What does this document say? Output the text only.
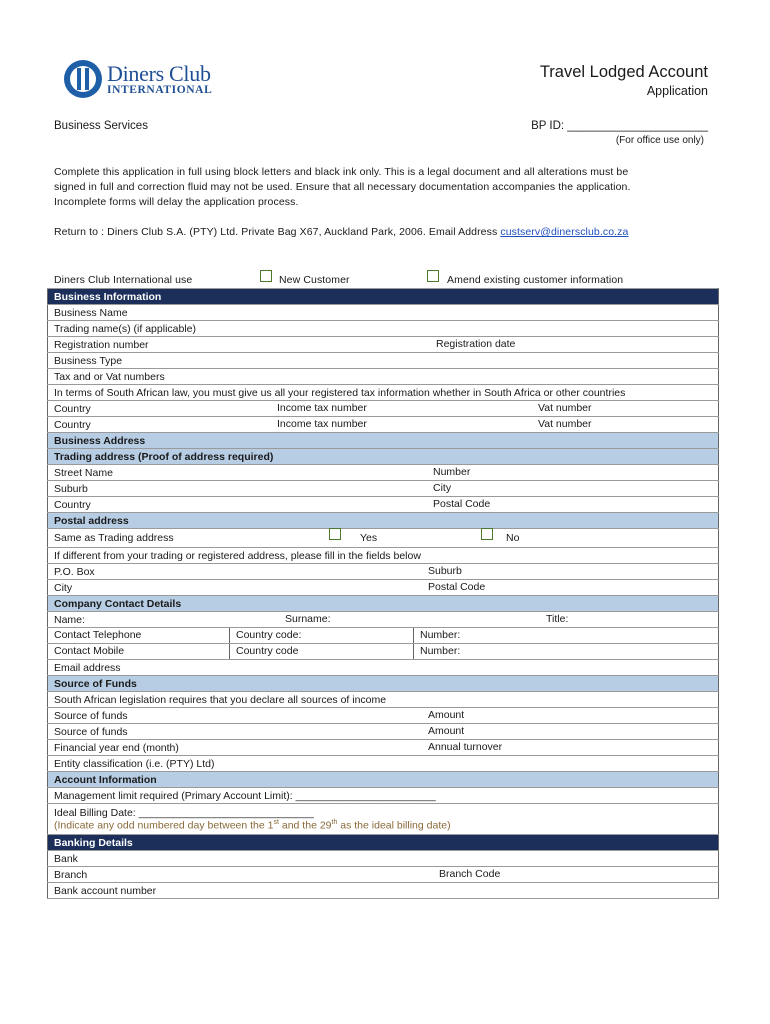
Diners Club
INTERNATIONAL
Travel Lodged Account
Application
Business Services	BP ID: ______________________
(For office use only)
Complete this application in full using block letters and black ink only. This is a legal document and all alterations must be
signed in full and correction fluid may not be used. Ensure that all necessary documentation accompanies the application.
Incomplete forms will delay the application process.
Return to : Diners Club S.A. (PTY) Ltd. Private Bag X67, Auckland Park, 2006. Email Address custserv@dinersclub.co.za
Diners Club International use	New Customer	Amend existing customer information
Business Information
Business Name
Trading name(s) (if applicable)
Registration number	Registration date

Business Type
Tax and or Vat numbers
In terms of South African law, you must give us all your registered tax information whether in South Africa or other countries
Country	Income tax number	Vat number

Country	Income tax number	Vat number

Business Address
Trading address (Proof of address required)
Street Name	Number

Suburb	City

Country	Postal Code

Postal address
Same as Trading address	Yes	No

If different from your trading or registered address, please fill in the fields below
P.O. Box	Suburb

City	Postal Code

Company Contact Details
Name:	Surname:	Title:

Contact Telephone	Country code:	Number:

Contact Mobile	Country code	Number:

Email address
Source of Funds
South African legislation requires that you declare all sources of income
Source of funds	Amount

Source of funds	Amount

Financial year end (month)	Annual turnover

Entity classification (i.e. (PTY) Ltd)
Account Information
Management limit required (Primary Account Limit): ________________________

Ideal Billing Date: ______________________________
(Indicate any odd numbered day between the 1st and the 29th as the ideal billing date)

Banking Details
Bank
Branch	Branch Code

Bank account number
